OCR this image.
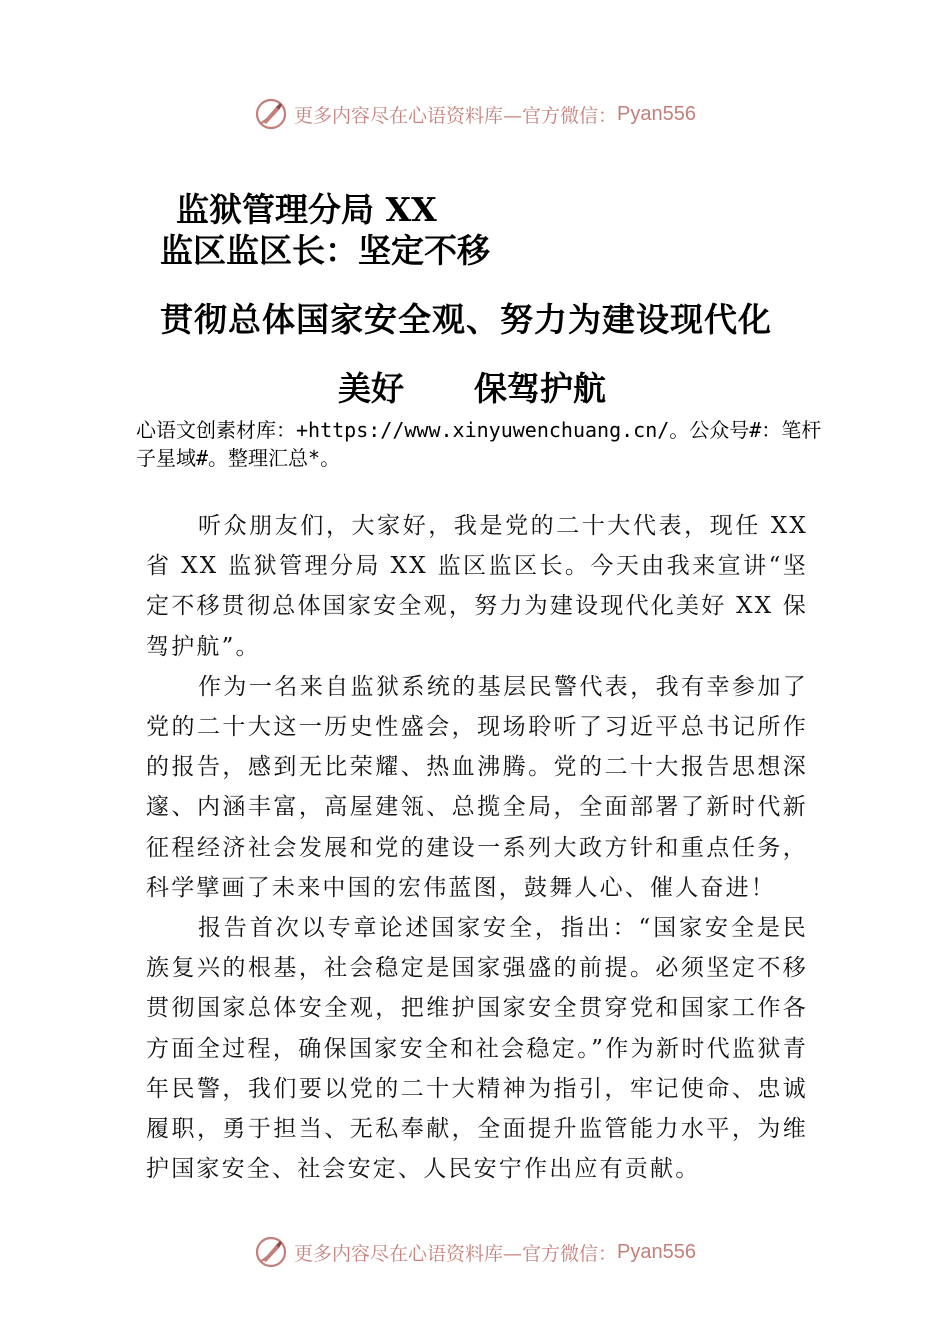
更多内容尽在心语资料库—官方微信： Pyan556
监狱管理分局 XX
监区监区长：坚定不移
贯彻总体国家安全观、努力为建设现代化
美好 保驾护航
心语文创素材库：+https://www.xinyuwenchuang.cn/。公众号#：笔杆子星域#。整理汇总*。

听众朋友们，大家好，我是党的二十大代表，现任 XX 省 XX 监狱管理分局 XX 监区监区长。今天由我来宣讲“坚定不移贯彻总体国家安全观，努力为建设现代化美好 XX 保驾护航”。

作为一名来自监狱系统的基层民警代表，我有幸参加了党的二十大这一历史性盛会，现场聆听了习近平总书记所作的报告，感到无比荣耀、热血沸腾。党的二十大报告思想深邃、内涵丰富，高屋建瓴、总揽全局，全面部署了新时代新征程经济社会发展和党的建设一系列大政方针和重点任务， 科学擘画了未来中国的宏伟蓝图，鼓舞人心、催人奋进！

报告首次以专章论述国家安全，指出：“国家安全是民族复兴的根基，社会稳定是国家强盛的前提。必须坚定不移贯彻国家总体安全观，把维护国家安全贯穿党和国家工作各方面全过程，确保国家安全和社会稳定。”作为新时代监狱青年民警，我们要以党的二十大精神为指引，牢记使命、忠诚履职，勇于担当、无私奉献，全面提升监管能力水平，为维护国家安全、社会安定、人民安宁作出应有贡献。

更多内容尽在心语资料库—官方微信： Pyan556
